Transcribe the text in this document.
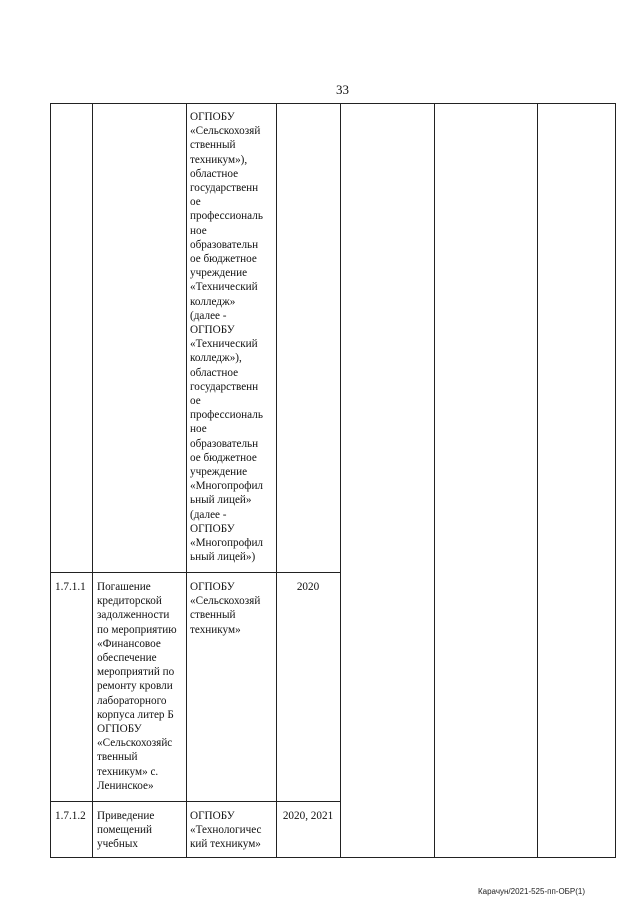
33
ОГПОБУ
«Сельскохозяй
ственный
техникум»),
областное
государственн
ое
профессиональ
ное
образовательн
ое бюджетное
учреждение
«Технический
колледж»
(далее -
ОГПОБУ
«Технический
колледж»),
областное
государственн
ое
профессиональ
ное
образовательн
ое бюджетное
учреждение
«Многопрофил
ьный лицей»
(далее -
ОГПОБУ
«Многопрофил
ьный лицей»)
1.7.1.1 Погашение
кредиторской
задолженности
по мероприятию
«Финансовое
обеспечение
мероприятий по
ремонту кровли
лабораторного
корпуса литер Б
ОГПОБУ
«Сельскохозяйс
твенный
техникум» с.
Ленинское»
ОГПОБУ
«Сельскохозяй
ственный
техникум»
2020
1.7.1.2 Приведение
помещений
учебных
ОГПОБУ
«Технологичес
кий техникум»
2020, 2021
Карачун/2021-525-пп-ОБР(1)
